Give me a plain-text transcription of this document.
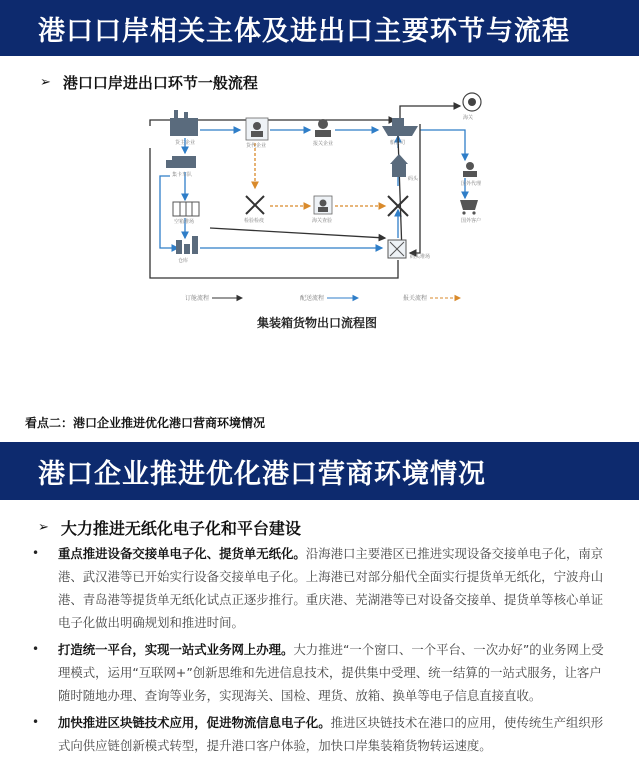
港口口岸相关主体及进出口主要环节与流程
➢ 港口口岸进出口环节一般流程
货主企业	货代企业	报关企业	船公司
海关
国外代理
国外客户
集卡车队
空箱堆场
仓库
检验检疫	海关查验
码头
码头堆场
订舱流程	配送流程	报关流程
集装箱货物出口流程图
看点二：港口企业推进优化港口营商环境情况
港口企业推进优化港口营商环境情况
➢ 大力推进无纸化电子化和平台建设
• 重点推进设备交接单电子化、提货单无纸化。沿海港口主要港区已推进实现设备交接单电子化，南京港、武汉港等已开始实行设备交接单电子化。上海港已对部分船代全面实行提货单无纸化，宁波舟山港、青岛港等提货单无纸化试点正逐步推行。重庆港、芜湖港等已对设备交接单、提货单等核心单证电子化做出明确规划和推进时间。
• 打造统一平台，实现一站式业务网上办理。大力推进“一个窗口、一个平台、一次办好”的业务网上受理模式，运用“互联网+”创新思维和先进信息技术，提供集中受理、统一结算的一站式服务，让客户随时随地办理、查询等业务，实现海关、国检、理货、放箱、换单等电子信息直接直收。
• 加快推进区块链技术应用，促进物流信息电子化。推进区块链技术在港口的应用，使传统生产组织形式向供应链创新模式转型，提升港口客户体验，加快口岸集装箱货物转运速度。
